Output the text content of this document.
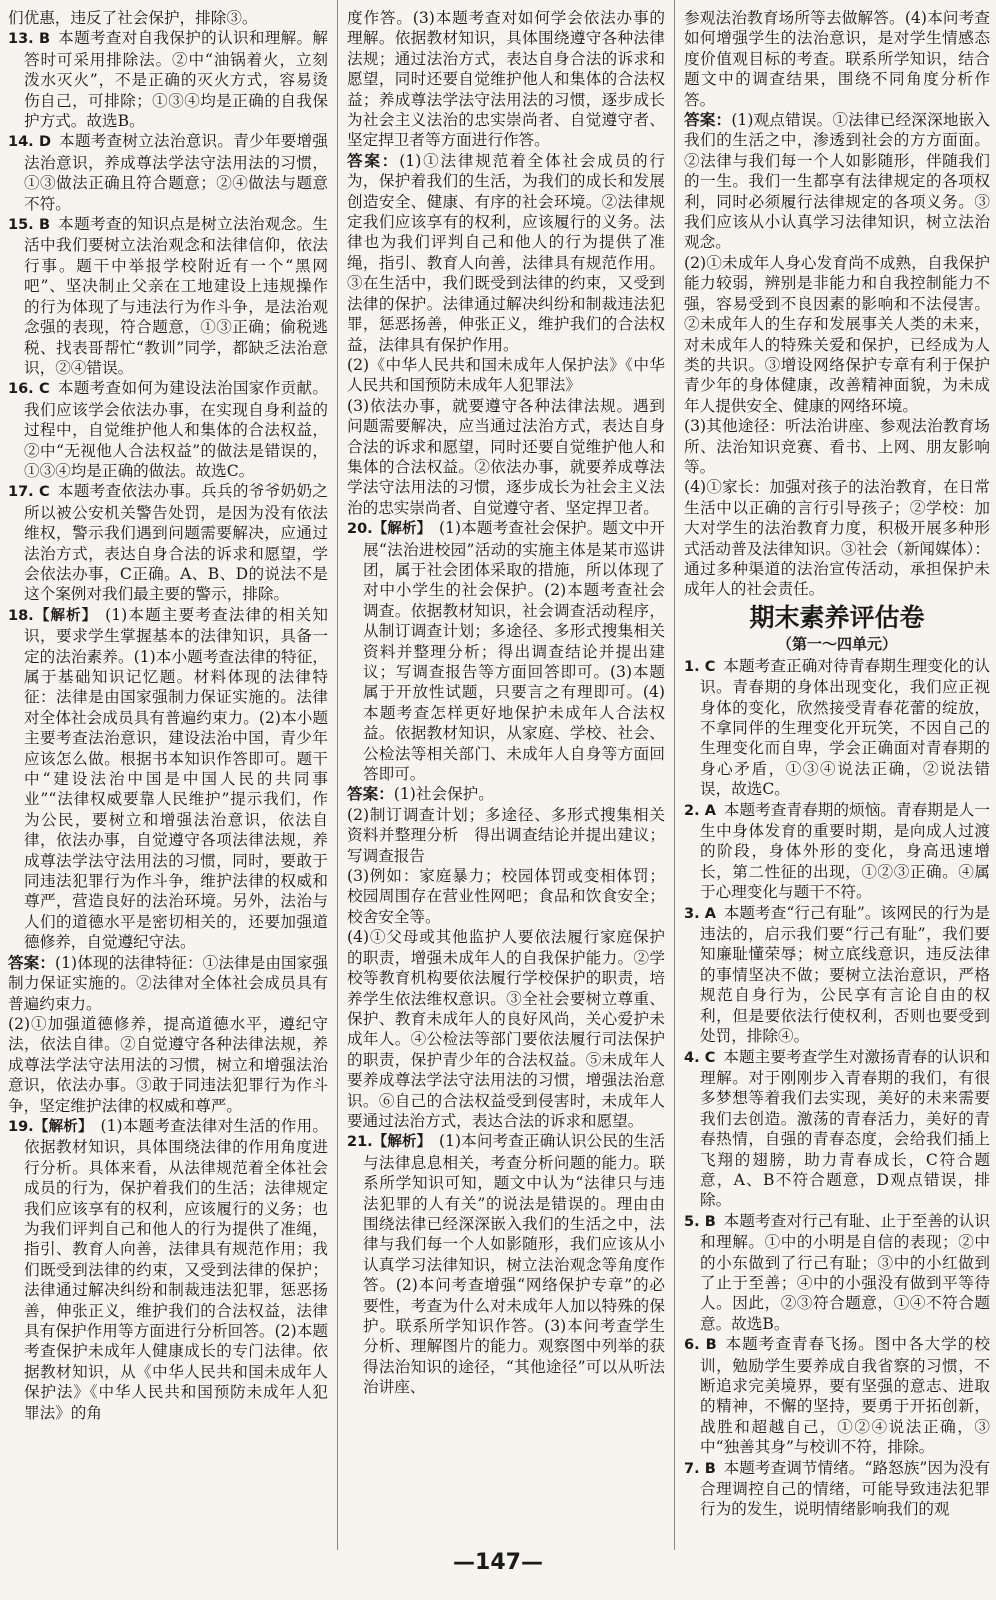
们优惠，违反了社会保护，排除③。

13. B  本题考查对自我保护的认识和理解。解答时可采用排除法。②中“油锅着火，立刻泼水灭火”，不是正确的灭火方式，容易烫伤自己，可排除；①③④均是正确的自我保护方式。故选B。

14. D  本题考查树立法治意识。青少年要增强法治意识，养成尊法学法守法用法的习惯，①③做法正确且符合题意；②④做法与题意不符。

15. B  本题考查的知识点是树立法治观念。生活中我们要树立法治观念和法律信仰，依法行事。题干中举报学校附近有一个“黑网吧”、坚决制止父亲在工地建设上违规操作的行为体现了与违法行为作斗争，是法治观念强的表现，符合题意，①③正确；偷税逃税、找表哥帮忙“教训”同学，都缺乏法治意识，②④错误。

16. C  本题考查如何为建设法治国家作贡献。我们应该学会依法办事，在实现自身利益的过程中，自觉维护他人和集体的合法权益，②中“无视他人合法权益”的做法是错误的，①③④均是正确的做法。故选C。

17. C  本题考查依法办事。兵兵的爷爷奶奶之所以被公安机关警告处罚，是因为没有依法维权，警示我们遇到问题需要解决，应通过法治方式，表达自身合法的诉求和愿望，学会依法办事，C正确。A、B、D的说法不是这个案例对我们最主要的警示，排除。

18.【解析】  (1)本题主要考查法律的相关知识，要求学生掌握基本的法律知识，具备一定的法治素养。(1)本小题考查法律的特征，属于基础知识记忆题。材料体现的法律特征：法律是由国家强制力保证实施的。法律对全体社会成员具有普遍约束力。(2)本小题主要考查法治意识，建设法治中国，青少年应该怎么做。根据书本知识作答即可。题干中“建设法治中国是中国人民的共同事业”“法律权威要靠人民维护”提示我们，作为公民，要树立和增强法治意识，依法自律，依法办事，自觉遵守各项法律法规，养成尊法学法守法用法的习惯，同时，要敢于同违法犯罪行为作斗争，维护法律的权威和尊严，营造良好的法治环境。另外，法治与人们的道德水平是密切相关的，还要加强道德修养，自觉遵纪守法。

答案：(1)体现的法律特征：①法律是由国家强制力保证实施的。②法律对全体社会成员具有普遍约束力。

(2)①加强道德修养，提高道德水平，遵纪守法，依法自律。②自觉遵守各种法律法规，养成尊法学法守法用法的习惯，树立和增强法治意识，依法办事。③敢于同违法犯罪行为作斗争，坚定维护法律的权威和尊严。

19.【解析】  (1)本题考查法律对生活的作用。依据教材知识，具体围绕法律的作用角度进行分析。具体来看，从法律规范着全体社会成员的行为，保护着我们的生活；法律规定我们应该享有的权利，应该履行的义务；也为我们评判自己和他人的行为提供了准绳，指引、教育人向善，法律具有规范作用；我们既受到法律的约束，又受到法律的保护；法律通过解决纠纷和制裁违法犯罪，惩恶扬善，伸张正义，维护我们的合法权益，法律具有保护作用等方面进行分析回答。(2)本题考查保护未成年人健康成长的专门法律。依据教材知识，从《中华人民共和国未成年人保护法》《中华人民共和国预防未成年人犯罪法》的角

度作答。(3)本题考查对如何学会依法办事的理解。依据教材知识，具体围绕遵守各种法律法规；通过法治方式，表达自身合法的诉求和愿望，同时还要自觉维护他人和集体的合法权益；养成尊法学法守法用法的习惯，逐步成长为社会主义法治的忠实崇尚者、自觉遵守者、坚定捍卫者等方面进行作答。

答案：(1)①法律规范着全体社会成员的行为，保护着我们的生活，为我们的成长和发展创造安全、健康、有序的社会环境。②法律规定我们应该享有的权利，应该履行的义务。法律也为我们评判自己和他人的行为提供了准绳，指引、教育人向善，法律具有规范作用。③在生活中，我们既受到法律的约束，又受到法律的保护。法律通过解决纠纷和制裁违法犯罪，惩恶扬善，伸张正义，维护我们的合法权益，法律具有保护作用。

(2)《中华人民共和国未成年人保护法》《中华人民共和国预防未成年人犯罪法》

(3)依法办事，就要遵守各种法律法规。遇到问题需要解决，应当通过法治方式，表达自身合法的诉求和愿望，同时还要自觉维护他人和集体的合法权益。②依法办事，就要养成尊法学法守法用法的习惯，逐步成长为社会主义法治的忠实崇尚者、自觉遵守者、坚定捍卫者。

20.【解析】  (1)本题考查社会保护。题文中开展“法治进校园”活动的实施主体是某市巡讲团，属于社会团体采取的措施，所以体现了对中小学生的社会保护。(2)本题考查社会调查。依据教材知识，社会调查活动程序，从制订调查计划；多途径、多形式搜集相关资料并整理分析；得出调查结论并提出建议；写调查报告等方面回答即可。(3)本题属于开放性试题，只要言之有理即可。(4)本题考查怎样更好地保护未成年人合法权益。依据教材知识，从家庭、学校、社会、公检法等相关部门、未成年人自身等方面回答即可。

答案：(1)社会保护。

(2)制订调查计划；多途径、多形式搜集相关资料并整理分析　得出调查结论并提出建议；写调查报告

(3)例如：家庭暴力；校园体罚或变相体罚；校园周围存在营业性网吧；食品和饮食安全；校舍安全等。

(4)①父母或其他监护人要依法履行家庭保护的职责，增强未成年人的自我保护能力。②学校等教育机构要依法履行学校保护的职责，培养学生依法维权意识。③全社会要树立尊重、保护、教育未成年人的良好风尚，关心爱护未成年人。④公检法等部门要依法履行司法保护的职责，保护青少年的合法权益。⑤未成年人要养成尊法学法守法用法的习惯，增强法治意识。⑥自己的合法权益受到侵害时，未成年人要通过法治方式，表达合法的诉求和愿望。

21.【解析】  (1)本问考查正确认识公民的生活与法律息息相关，考查分析问题的能力。联系所学知识可知，题文中认为“法律只与违法犯罪的人有关”的说法是错误的。理由由围绕法律已经深深嵌入我们的生活之中，法律与我们每一个人如影随形，我们应该从小认真学习法律知识，树立法治观念等角度作答。(2)本问考查增强“网络保护专章”的必要性，考查为什么对未成年人加以特殊的保护。联系所学知识作答。(3)本问考查学生分析、理解图片的能力。观察图中列举的获得法治知识的途径，“其他途径”可以从听法治讲座、

参观法治教育场所等去做解答。(4)本问考查如何增强学生的法治意识，是对学生情感态度价值观目标的考查。联系所学知识，结合题文中的调查结果，围绕不同角度分析作答。

答案：(1)观点错误。①法律已经深深地嵌入我们的生活之中，渗透到社会的方方面面。②法律与我们每一个人如影随形，伴随我们的一生。我们一生都享有法律规定的各项权利，同时必须履行法律规定的各项义务。③我们应该从小认真学习法律知识，树立法治观念。

(2)①未成年人身心发育尚不成熟，自我保护能力较弱，辨别是非能力和自我控制能力不强，容易受到不良因素的影响和不法侵害。②未成年人的生存和发展事关人类的未来，对未成年人的特殊关爱和保护，已经成为人类的共识。③增设网络保护专章有利于保护青少年的身体健康，改善精神面貌，为未成年人提供安全、健康的网络环境。

(3)其他途径：听法治讲座、参观法治教育场所、法治知识竞赛、看书、上网、朋友影响等。

(4)①家长：加强对孩子的法治教育，在日常生活中以正确的言行引导孩子；②学校：加大对学生的法治教育力度，积极开展多种形式活动普及法律知识。③社会（新闻媒体）：通过多种渠道的法治宣传活动，承担保护未成年人的社会责任。

期末素养评估卷
（第一～四单元）

1. C  本题考查正确对待青春期生理变化的认识。青春期的身体出现变化，我们应正视身体的变化，欣然接受青春花蕾的绽放，不拿同伴的生理变化开玩笑，不因自己的生理变化而自卑，学会正确面对青春期的身心矛盾，①③④说法正确，②说法错误，故选C。

2. A  本题考查青春期的烦恼。青春期是人一生中身体发育的重要时期，是向成人过渡的阶段，身体外形的变化，身高迅速增长，第二性征的出现，①②③正确。④属于心理变化与题干不符。

3. A  本题考查“行己有耻”。该网民的行为是违法的，启示我们要“行己有耻”，我们要知廉耻懂荣辱；树立底线意识，违反法律的事情坚决不做；要树立法治意识，严格规范自身行为，公民享有言论自由的权利，但是要依法行使权利，否则也要受到处罚，排除④。

4. C  本题主要考查学生对激扬青春的认识和理解。对于刚刚步入青春期的我们，有很多梦想等着我们去实现，美好的未来需要我们去创造。激荡的青春活力，美好的青春热情，自强的青春态度，会给我们插上飞翔的翅膀，助力青春成长，C符合题意，A、B不符合题意，D观点错误，排除。

5. B  本题考查对行己有耻、止于至善的认识和理解。①中的小明是自信的表现；②中的小东做到了行己有耻；③中的小红做到了止于至善；④中的小强没有做到平等待人。因此，②③符合题意，①④不符合题意。故选B。

6. B  本题考查青春飞扬。图中各大学的校训，勉励学生要养成自我省察的习惯，不断追求完美境界，要有坚强的意志、进取的精神，不懈的坚持，要勇于开拓创新，战胜和超越自己，①②④说法正确，③中“独善其身”与校训不符，排除。

7. B  本题考查调节情绪。“路怒族”因为没有合理调控自己的情绪，可能导致违法犯罪行为的发生，说明情绪影响我们的观

—147—
